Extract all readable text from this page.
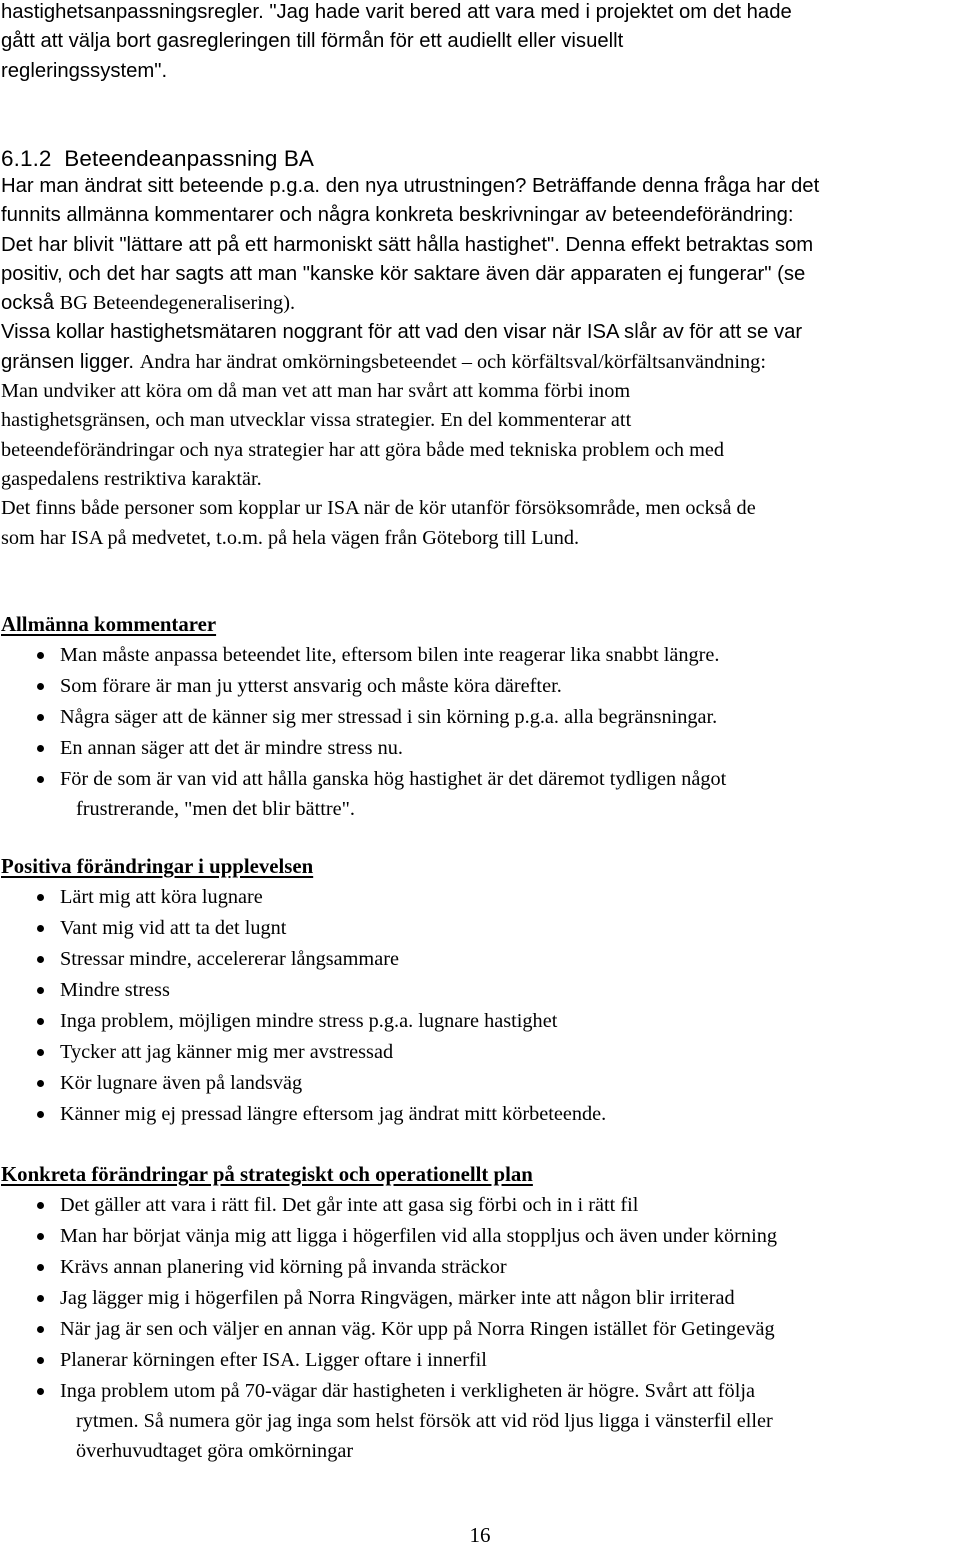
hastighetsanpassningsregler. "Jag hade varit bered att vara med i projektet om det hade
gått att välja bort gasregleringen till förmån för ett audiellt eller visuellt
regleringssystem".
6.1.2  Beteendeanpassning BA
Har man ändrat sitt beteende p.g.a. den nya utrustningen? Beträffande denna fråga har det
funnits allmänna kommentarer och några konkreta beskrivningar av beteendeförändring:
Det har blivit "lättare att på ett harmoniskt sätt hålla hastighet". Denna effekt betraktas som
positiv, och det har sagts att man "kanske kör saktare även där apparaten ej fungerar" (se
också BG Beteendegeneralisering).
Vissa kollar hastighetsmätaren noggrant för att vad den visar när ISA slår av för att se var
gränsen ligger. Andra har ändrat omkörningsbeteendet – och körfältsval/körfältsanvändning:
Man undviker att köra om då man vet att man har svårt att komma förbi inom
hastighetsgränsen, och man utvecklar vissa strategier. En del kommenterar att
beteendeförändringar och nya strategier har att göra både med tekniska problem och med
gaspedalens restriktiva karaktär.
Det finns både personer som kopplar ur ISA när de kör utanför försöksområde, men också de
som har ISA på medvetet, t.o.m. på hela vägen från Göteborg till Lund.
Allmänna kommentarer
Man måste anpassa beteendet lite, eftersom bilen inte reagerar lika snabbt längre.
Som förare är man ju ytterst ansvarig och måste köra därefter.
Några säger att de känner sig mer stressad i sin körning p.g.a. alla begränsningar.
En annan säger att det är mindre stress nu.
För de som är van vid att hålla ganska hög hastighet är det däremot tydligen något
frustrerande, "men det blir bättre".
Positiva förändringar i upplevelsen
Lärt mig att köra lugnare
Vant mig vid att ta det lugnt
Stressar mindre, accelererar långsammare
Mindre stress
Inga problem, möjligen mindre stress p.g.a. lugnare hastighet
Tycker att jag känner mig mer avstressad
Kör lugnare även på landsväg
Känner mig ej pressad längre eftersom jag ändrat mitt körbeteende.
Konkreta förändringar på strategiskt och operationellt plan
Det gäller att vara i rätt fil. Det går inte att gasa sig förbi och in i rätt fil
Man har börjat vänja mig att ligga i högerfilen vid alla stoppljus och även under körning
Krävs annan planering vid körning på invanda sträckor
Jag lägger mig i högerfilen på Norra Ringvägen, märker inte att någon blir irriterad
När jag är sen och väljer en annan väg. Kör upp på Norra Ringen istället för Getingeväg
Planerar körningen efter ISA. Ligger oftare i innerfil
Inga problem utom på 70-vägar där hastigheten i verkligheten är högre. Svårt att följa
rytmen. Så numera gör jag inga som helst försök att vid röd ljus ligga i vänsterfil eller
överhuvudtaget göra omkörningar
16
